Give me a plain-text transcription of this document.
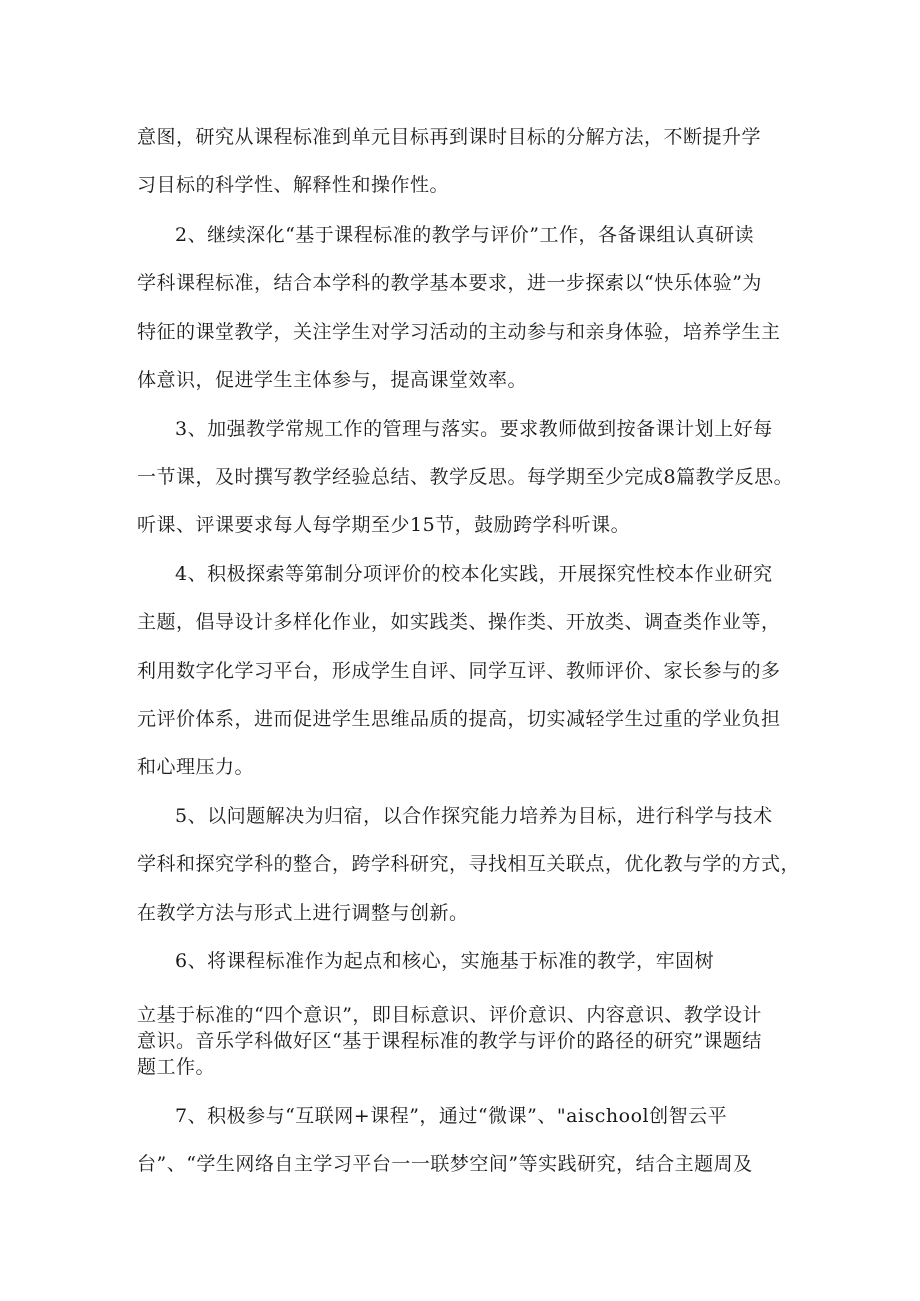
意图，研究从课程标准到单元目标再到课时目标的分解方法，不断提升学
习目标的科学性、解释性和操作性。
2、继续深化“基于课程标准的教学与评价”工作，各备课组认真研读
学科课程标准，结合本学科的教学基本要求，进一步探索以“快乐体验”为
特征的课堂教学，关注学生对学习活动的主动参与和亲身体验，培养学生主
体意识，促进学生主体参与，提高课堂效率。
3、加强教学常规工作的管理与落实。要求教师做到按备课计划上好每
一节课，及时撰写教学经验总结、教学反思。每学期至少完成8篇教学反思。
听课、评课要求每人每学期至少15节，鼓励跨学科听课。
4、积极探索等第制分项评价的校本化实践，开展探究性校本作业研究
主题，倡导设计多样化作业，如实践类、操作类、开放类、调查类作业等，
利用数字化学习平台，形成学生自评、同学互评、教师评价、家长参与的多
元评价体系，进而促进学生思维品质的提高，切实减轻学生过重的学业负担
和心理压力。
5、以问题解决为归宿，以合作探究能力培养为目标，进行科学与技术
学科和探究学科的整合，跨学科研究，寻找相互关联点，优化教与学的方式，
在教学方法与形式上进行调整与创新。
6、将课程标准作为起点和核心，实施基于标准的教学，牢固树
立基于标准的“四个意识”，即目标意识、评价意识、内容意识、教学设计
意识。音乐学科做好区“基于课程标准的教学与评价的路径的研究”课题结
题工作。
7、积极参与“互联网+课程”，通过“微课”、"aischool创智云平
台”、“学生网络自主学习平台一一联梦空间”等实践研究，结合主题周及
